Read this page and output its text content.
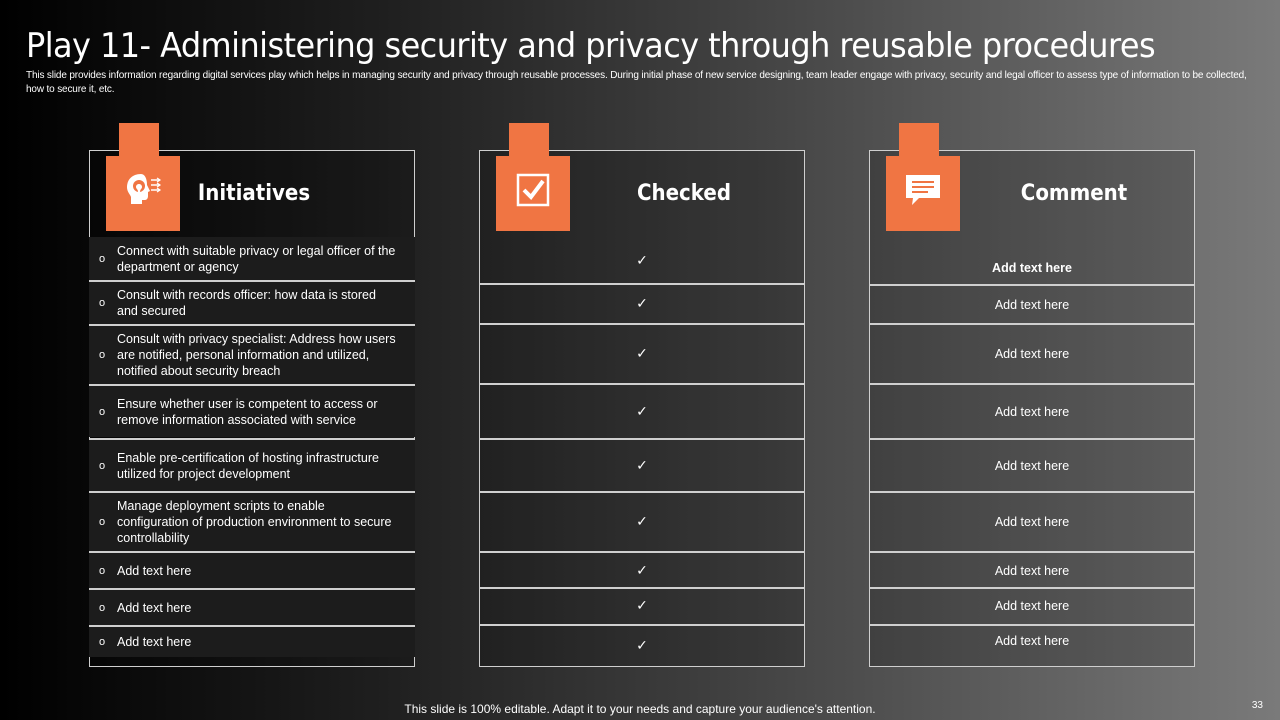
Play 11- Administering security and privacy through reusable procedures

This slide provides information regarding digital services play which helps in managing security and privacy through reusable processes. During initial phase of new service designing, team leader engage with privacy, security and legal officer to assess type of information to be collected, how to secure it, etc.

Initiatives
o
Connect with suitable privacy or legal officer of the department or agency
o
Consult with records officer: how data is stored and secured
o
Consult with privacy specialist: Address how users are notified, personal information and utilized, notified about security breach
o
Ensure whether user is competent to access or remove information associated with service
o
Enable pre-certification of hosting infrastructure utilized for project development
o
Manage deployment scripts to enable configuration of production environment to secure controllability
o Add text here
o Add text here
o Add text here
Checked
✓
✓
✓
✓
✓
✓
✓
✓
✓
Comment
Add text here
Add text here
Add text here
Add text here
Add text here
Add text here
Add text here
Add text here
Add text here
This slide is 100% editable. Adapt it to your needs and capture your audience's attention.	33
